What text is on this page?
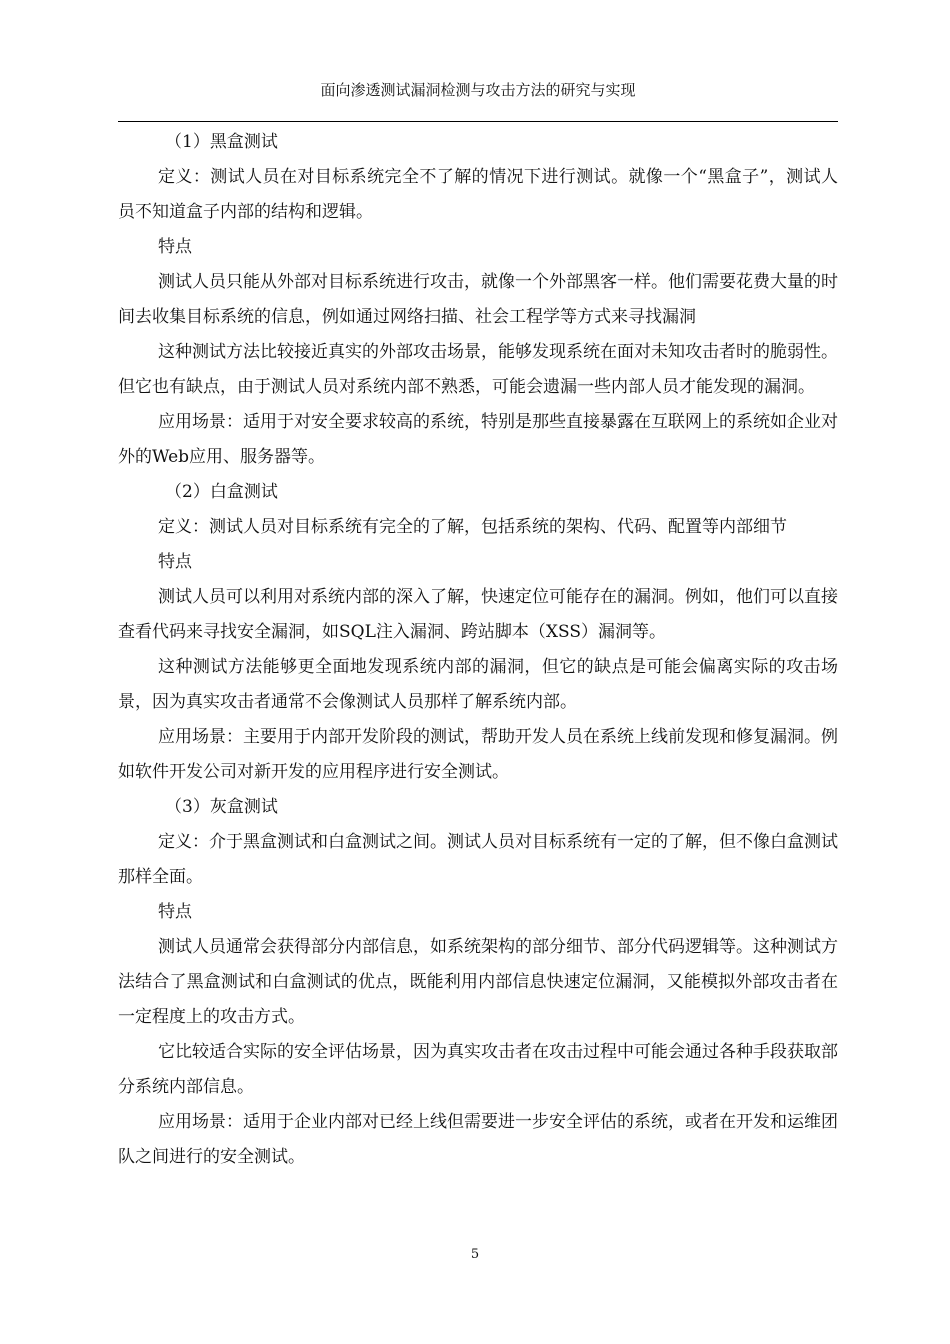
面向渗透测试漏洞检测与攻击方法的研究与实现

（1）黑盒测试

定义：测试人员在对目标系统完全不了解的情况下进行测试。就像一个“黑盒子”，测试人员不知道盒子内部的结构和逻辑。

特点

测试人员只能从外部对目标系统进行攻击，就像一个外部黑客一样。他们需要花费大量的时间去收集目标系统的信息，例如通过网络扫描、社会工程学等方式来寻找漏洞

这种测试方法比较接近真实的外部攻击场景，能够发现系统在面对未知攻击者时的脆弱性。但它也有缺点，由于测试人员对系统内部不熟悉，可能会遗漏一些内部人员才能发现的漏洞。

应用场景：适用于对安全要求较高的系统，特别是那些直接暴露在互联网上的系统如企业对外的Web应用、服务器等。

（2）白盒测试

定义：测试人员对目标系统有完全的了解，包括系统的架构、代码、配置等内部细节

特点

测试人员可以利用对系统内部的深入了解，快速定位可能存在的漏洞。例如，他们可以直接查看代码来寻找安全漏洞，如SQL注入漏洞、跨站脚本（XSS）漏洞等。

这种测试方法能够更全面地发现系统内部的漏洞，但它的缺点是可能会偏离实际的攻击场景，因为真实攻击者通常不会像测试人员那样了解系统内部。

应用场景：主要用于内部开发阶段的测试，帮助开发人员在系统上线前发现和修复漏洞。例如软件开发公司对新开发的应用程序进行安全测试。

（3）灰盒测试

定义：介于黑盒测试和白盒测试之间。测试人员对目标系统有一定的了解，但不像白盒测试那样全面。

特点

测试人员通常会获得部分内部信息，如系统架构的部分细节、部分代码逻辑等。这种测试方法结合了黑盒测试和白盒测试的优点，既能利用内部信息快速定位漏洞，又能模拟外部攻击者在一定程度上的攻击方式。

它比较适合实际的安全评估场景，因为真实攻击者在攻击过程中可能会通过各种手段获取部分系统内部信息。

应用场景：适用于企业内部对已经上线但需要进一步安全评估的系统，或者在开发和运维团队之间进行的安全测试。

5
